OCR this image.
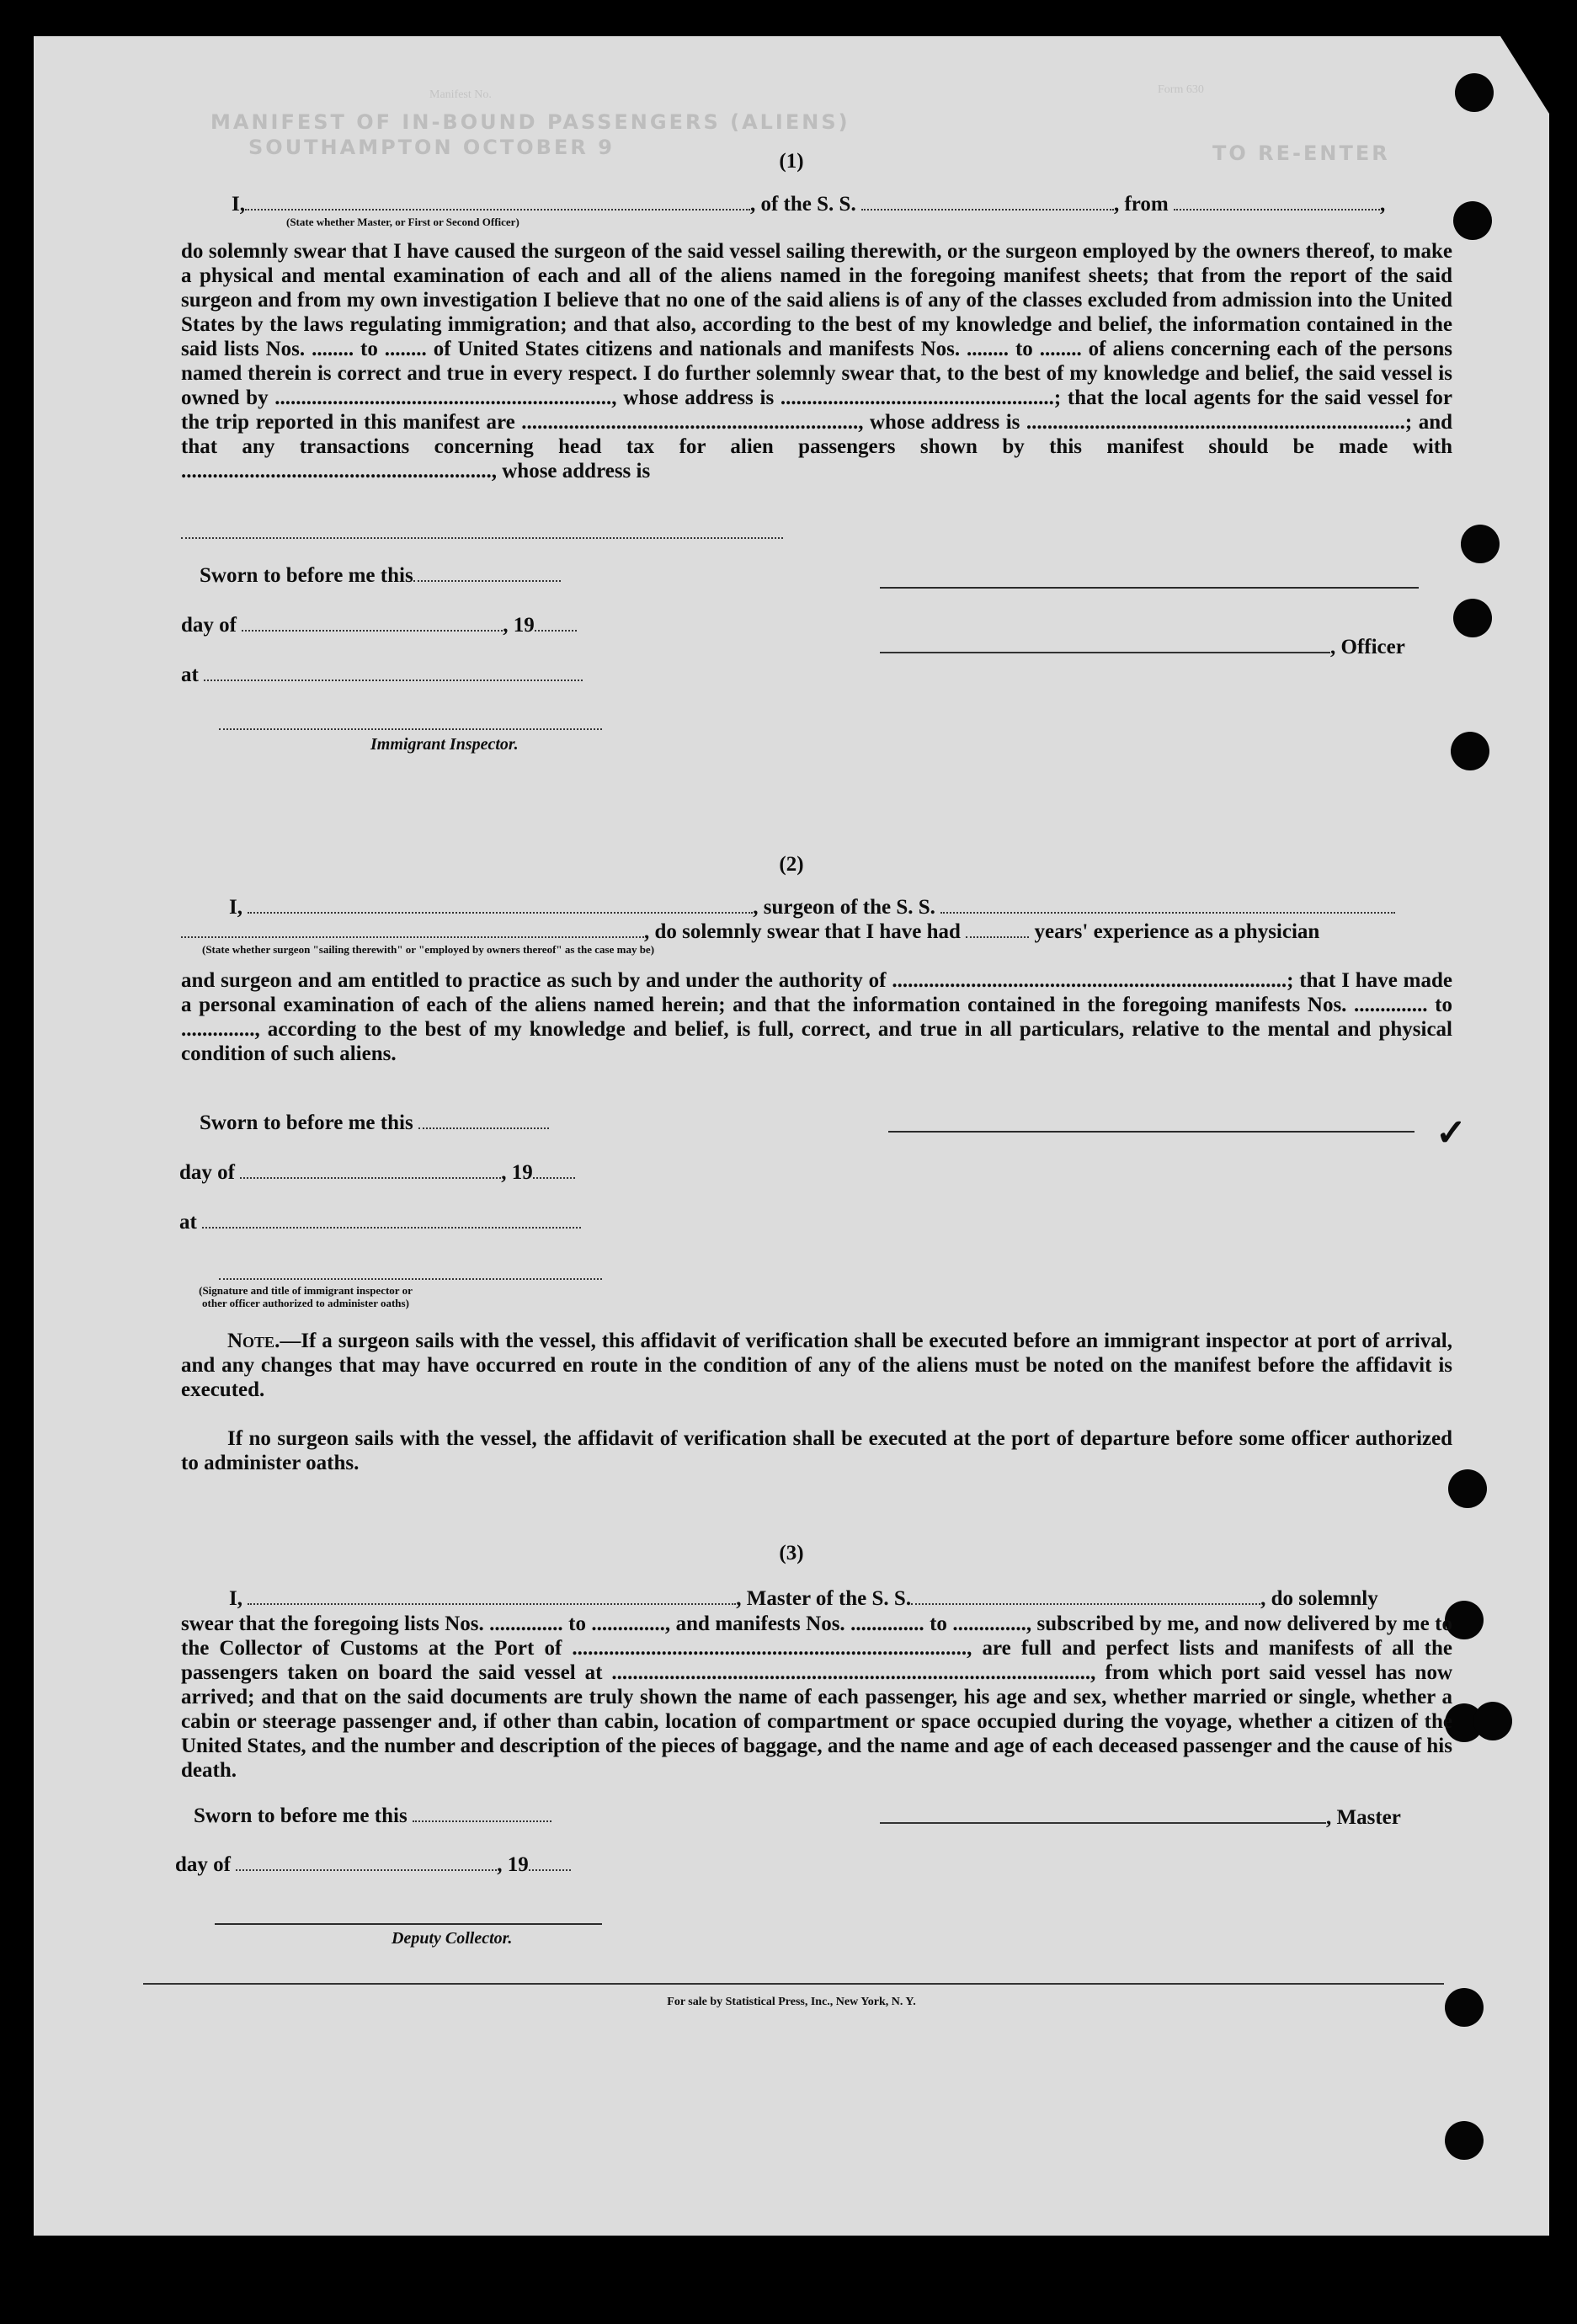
MANIFEST OF IN-BOUND PASSENGERS (ALIENS)
SOUTHAMPTON OCTOBER 9	TO RE-ENTER
Manifest No.	Form 630
(1)
I,	, of the S. S.	, from	,
(State whether Master, or First or Second Officer)
do solemnly swear that I have caused the surgeon of the said vessel sailing therewith, or the surgeon employed by the owners thereof, to make a physical and mental examination of each and all of the aliens named in the foregoing manifest sheets; that from the report of the said surgeon and from my own investigation I believe that no one of the said aliens is of any of the classes excluded from admission into the United States by the laws regulating immigration; and that also, according to the best of my knowledge and belief, the information contained in the said lists Nos. ........ to ........ of United States citizens and nationals and manifests Nos. ........ to ........ of aliens concerning each of the persons named therein is correct and true in every respect. I do further solemnly swear that, to the best of my knowledge and belief, the said vessel is owned by ................................................................, whose address is ....................................................; that the local agents for the said vessel for the trip reported in this manifest are ................................................................, whose address is ........................................................................; and that any transactions concerning head tax for alien passengers shown by this manifest should be made with ..........................................................., whose address is
Sworn to before me this
day of	, 19
, Officer
at
Immigrant Inspector.
(2)
I,	, surgeon of the S. S.
, do solemnly swear that I have had	years' experience as a physician
(State whether surgeon "sailing therewith" or "employed by owners thereof" as the case may be)
and surgeon and am entitled to practice as such by and under the authority of ...........................................................................; that I have made a personal examination of each of the aliens named herein; and that the information contained in the foregoing manifests Nos. .............. to .............., according to the best of my knowledge and belief, is full, correct, and true in all particulars, relative to the mental and physical condition of such aliens.
Sworn to before me this	✓
day of	, 19
at
(Signature and title of immigrant inspector or other officer authorized to administer oaths)
Note.—If a surgeon sails with the vessel, this affidavit of verification shall be executed before an immigrant inspector at port of arrival, and any changes that may have occurred en route in the condition of any of the aliens must be noted on the manifest before the affidavit is executed.
If no surgeon sails with the vessel, the affidavit of verification shall be executed at the port of departure before some officer authorized to administer oaths.
(3)
I,	, Master of the S. S.	, do solemnly
swear that the foregoing lists Nos. .............. to .............., and manifests Nos. .............. to .............., subscribed by me, and now delivered by me to the Collector of Customs at the Port of ..........................................................................., are full and perfect lists and manifests of all the passengers taken on board the said vessel at ..........................................................................................., from which port said vessel has now arrived; and that on the said documents are truly shown the name of each passenger, his age and sex, whether married or single, whether a cabin or steerage passenger and, if other than cabin, location of compartment or space occupied during the voyage, whether a citizen of the United States, and the number and description of the pieces of baggage, and the name and age of each deceased passenger and the cause of his death.
Sworn to before me this	, Master
day of	, 19
Deputy Collector.
For sale by Statistical Press, Inc., New York, N. Y.
